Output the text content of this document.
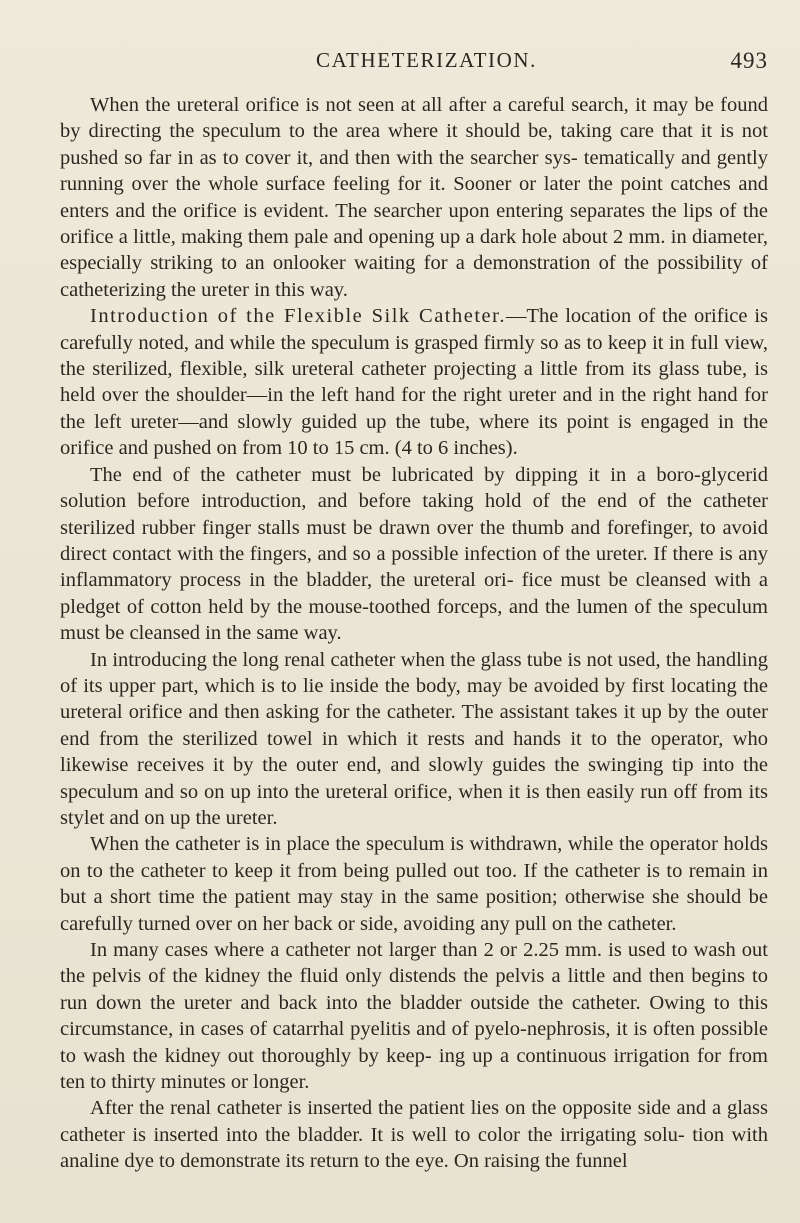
CATHETERIZATION.	493

When the ureteral orifice is not seen at all after a careful search, it may be found by directing the speculum to the area where it should be, taking care that it is not pushed so far in as to cover it, and then with the searcher sys- tematically and gently running over the whole surface feeling for it. Sooner or later the point catches and enters and the orifice is evident. The searcher upon entering separates the lips of the orifice a little, making them pale and opening up a dark hole about 2 mm. in diameter, especially striking to an onlooker waiting for a demonstration of the possibility of catheterizing the ureter in this way.

Introduction of the Flexible Silk Catheter.—The location of the orifice is carefully noted, and while the speculum is grasped firmly so as to keep it in full view, the sterilized, flexible, silk ureteral catheter projecting a little from its glass tube, is held over the shoulder—in the left hand for the right ureter and in the right hand for the left ureter—and slowly guided up the tube, where its point is engaged in the orifice and pushed on from 10 to 15 cm. (4 to 6 inches).

The end of the catheter must be lubricated by dipping it in a boro-glycerid solution before introduction, and before taking hold of the end of the catheter sterilized rubber finger stalls must be drawn over the thumb and forefinger, to avoid direct contact with the fingers, and so a possible infection of the ureter. If there is any inflammatory process in the bladder, the ureteral ori- fice must be cleansed with a pledget of cotton held by the mouse-toothed forceps, and the lumen of the speculum must be cleansed in the same way.

In introducing the long renal catheter when the glass tube is not used, the handling of its upper part, which is to lie inside the body, may be avoided by first locating the ureteral orifice and then asking for the catheter. The assistant takes it up by the outer end from the sterilized towel in which it rests and hands it to the operator, who likewise receives it by the outer end, and slowly guides the swinging tip into the speculum and so on up into the ureteral orifice, when it is then easily run off from its stylet and on up the ureter.

When the catheter is in place the speculum is withdrawn, while the operator holds on to the catheter to keep it from being pulled out too. If the catheter is to remain in but a short time the patient may stay in the same position; otherwise she should be carefully turned over on her back or side, avoiding any pull on the catheter.

In many cases where a catheter not larger than 2 or 2.25 mm. is used to wash out the pelvis of the kidney the fluid only distends the pelvis a little and then begins to run down the ureter and back into the bladder outside the catheter. Owing to this circumstance, in cases of catarrhal pyelitis and of pyelo-nephrosis, it is often possible to wash the kidney out thoroughly by keep- ing up a continuous irrigation for from ten to thirty minutes or longer.

After the renal catheter is inserted the patient lies on the opposite side and a glass catheter is inserted into the bladder. It is well to color the irrigating solu- tion with analine dye to demonstrate its return to the eye. On raising the funnel
